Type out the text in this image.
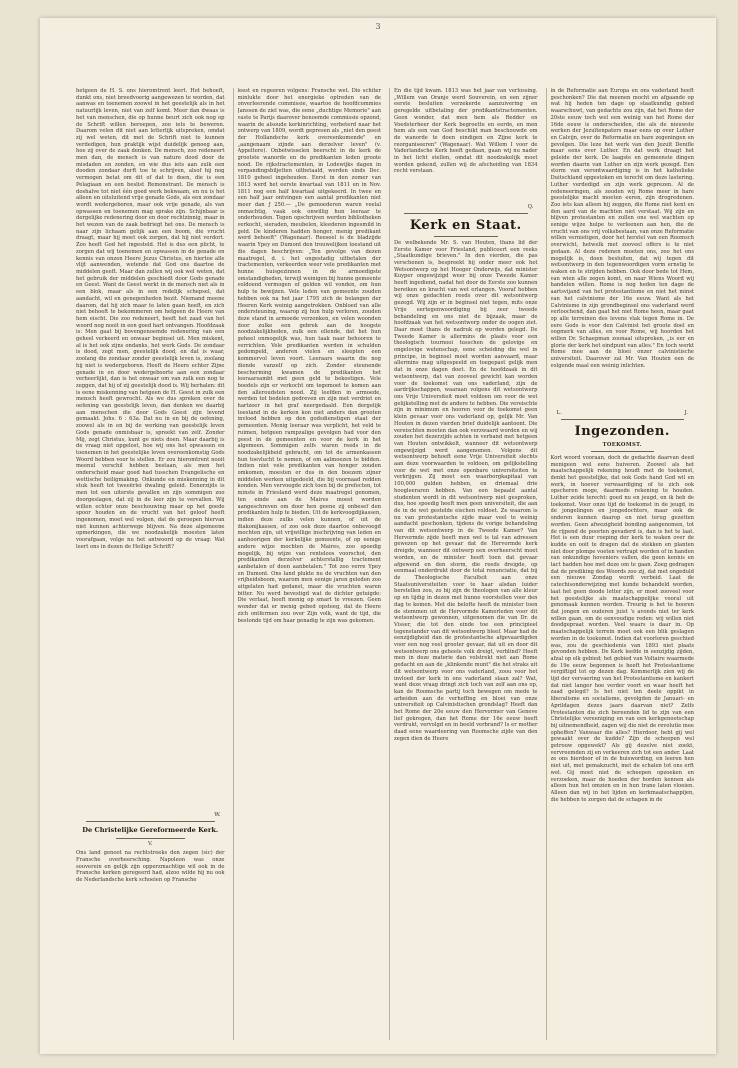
3

hetgeen de H. S. ons hieromtrent leert. Het behoeft, dunkt ons, niet breedvoerig aangewezen te worden, dat aanwas en toenemen zoowel in het geestelijk als in het natuurlijk leven, niet van zelf komt. Meer dan dwaas is het van menschen, die op hunne beurt zich ook nog op de Schrift willen beroepen, zoo iets te beweren. Daarom velen dit niet aan letterlijk uitspreken, omdat zij wel weten, dit met de Schrift niet te kunnen verdedigen, hun praktijk wijst duidelijk genoeg aan, hoe zij over de zaak denken. De mensch, zoo redeneert men dan, de mensch is van nature dood door de misdaden en zonden, en wie dus iets aan zulk een dooden zondaar durft toe te schrijven, alsof hij nog vermogen betat om dit of dat te doen, die is een Pelagiaan en een beslist Remonstrant. De mensch is doshalve tot niet één goed werk bekwaam, en nu is het alleen en uitsluitend vrije genade Gods, als een zondaar wordt wedergeboren, maar ook vrije genade, als van opwassen en toenemen mag sprake zijn. Schijnbaar is dergelijke redenering door en door rechtzinnig, maar in het wezen van de zaak bedriegt het ons. De mensch is naar zijn lichaam gelijk aan een boom, die vrucht draagt, maar hij moet ook zorgen, dat hij niet verdort. Zoo heeft God het ingesteld. Het is dus een plicht, te zorgen dat wij toenemen en opwassen in de genade en kennis van onzen Heere Jezus Christus, en hiertoe alle vlijt aanwenden, wetende dat God ons daartoe de middelen geeft. Maar dan zullen wij ook wel weten, dat het gebruik der middelen geschiedt door Gods genade en Geest. Want de Geest werkt in de mensch niet als in een blok, maar als in een redelijk schepsel, dat aandacht, wil en genegenheden bezit. Niemand meene daarom, dat hij zich maar te laten gaan heeft, en zich niet behoeft te bekommeren om hetgeen de Heere van hem eischt. Die zoo redeneert, heeft het zaad van het woord nog nooit in een goed hart ontvangen. Hoofdzaak is: Men gaat bij bovengenoemde redenering van een geheel verkeerd en onwaar beginsel uit. Men miskent, al is het ook zijns ondanks, het werk Gods. De zondaar is dood, zegt men, geestelijk dood, en dat is waar, zoolang die zondaar zonder geestelijk leven is, zoolang hij niet is wedergeboren. Heeft de Heere echter Zijne genade in en door wedergeboorte aan een zondaar verheerlijkt, dan is het onwaar om van zulk een nog te zeggen, dat hij of zij geestelijk dood is. Wij herhalen: dit is eene miskenning van hetgeen de H. Geest in zulk een mensch heeft gewrocht. Als we dus spreken over de oefening van geestelijk leven, dan denken we daarbij aan menschen die door Gods Geest zijn levend gemaakt. Johs. 6 : 63a. Dat nu in en bij de oefening, zoowel als in en bij de werking van geestelijk leven Gods genade onmisbaar is, spreekt van zelf. Zonder Mij, zegt Christus, kunt ge niets doen. Maar daarbij is de vraag niet opgelost, hoe wij ons het opwassen en toenemen in het geestelijke leven overeenkomstig Gods Woord hebben voor te stellen. Er zou hieromtrent nooit meenul verschil hebben bestaan, als men het onderscheid maar goed had tusschen Evangelische en wettische heiligmaking. Onkunde en miskenning in dit stuk heeft tot tweeërlei dwaling geleid. Eenerzijds is men tot een uiterste gevallen en zijn sommigen zoo doorgeslagen, dat zij in de leer zijn te vervallen. Wij willen echter onze beschouwing maar op het goede spoor houden en de vrucht van het geloof heeft ingenomen, moet wel volgen, dat de geroepen hiervan niet kunnen achterwege blijven. Na deze algemeene opmerkingen, die we noodzakelijk moesten laten voorafgaan, volge nu het antwoord op de vraag: Wat leert ons in dezen de Heilige Schrift?

W.
De Christelijke Gereformeerde Kerk.
V.

Ons land genoot na rechtstreeks den zegen (sic) der Fransche overheersching. Napoleon was onze souverein en gelijk zijn opperzmachtige wil ook in de Fransche kerken geregeerd had, alzoo wilde hij nu ook de Nederlandsche kerk schoeien op Fransche

leest en regeeren volgens: Fransche wet. Die schiter minlukte door het energieke optreden van de onverleerende commissie, waartoe de hoofdcommies Janssen de ziel was, die eene „duchtige Memorie" aan vaste te Parijs daarover benoemde commissie opzond, waarin de alsoude kerkinrichting, verbeterd naar het ontwerp van 1809, wordt gepresen als „niet den geest der Hollandsche kerk overeenkomende" en „aangenaam zijnde aan derzelver leven" (v. Appeltere). Onbetwisselen beerscht in de kerk de grootste wanorde en de predikanten leden groote nood. De rijkstractementen, in Lodewijks dagen in verpandingsbiljetten uitbetaald, werden sinds Dec. 1810 geheel ingehouden. Eerst in den zomer van 1813 werd het eerste kwartaal van 1811 en in Nov. 1811 nog een half kwartaal uitgekeerd. In twee en een half jaar ontvingen een aantal predikanten niet meer dan ƒ 250.— „De gemoederen waren veelal onmachtig, vaak ook onwillig hun leeraar te onderhouden. Tegen opschrijven werden bibliotheken verkocht, sieraden, meubelen, kleederen ingesmild in geld. De kinderen hadden honger, menig predikant werd behoeft" (Wagenaar). Reeseel is de bladzijde waarin Ypey en Dumont den trouwelijken toestand uit die dagen beschrijven: „Ten gevolge van dezen maatregel, d. i. het ongestadig uitbetalen der tractementen, verkeerden weer vele predikanten met hunne huisgezinnen in de armoedigste omstandigheden, terwijl weinigen bij hunne gemeente voldoend vermogen of gelden wil vonden, om hun hulp te bewijzen. Vele leden van gemeente zouden hebben ook na het jaar 1795 zich de belangen der Heeren Kerk weinig aangetrokken. Onbloed van alle ondersteuning, waarop zij hun hulp verloren, zouden deze stand in armoede verzonken, en velen woonden door zulke een gebrek aan de hoogste noodzakelijkheden, zulk een ellende, dat het hun geheel onmogelijk was, hun taak naar behooren te verrichten. Vele predikanten werden in schulden gedompeld, anderen vielen en sleepten een kommervol leven voort. Leeraars waarin die nog diende vanzelf op zich. Zonder steunende bescherming kwamen de predikanten het leeraarsambt met geen geld te bekostigen. Vele boedels zijn er verkocht om tegemoet te komen aan den alleroudsten nood. Zij leefden in armoede, werden tot bedelen gedreven en zijn met verdriet en hartzeer in het graf neergedaald. Een dergelijk toestand in de kerken kon niet anders dan grooten invloed hebben op den godsdienstigen staat der gemeenten. Menig leeraar was verplicht, het veld te ruimen, hetgeen rampzalige gevolgen had voor den geest in de gemeenten en voor de kerk in het algemeen. Sommigen zelfs waren reeds in de noodzakelijkheid gebracht, om tot de armenkassen hun toevlucht te nemen, of om aalmoezen te bidden. Indien niet vele predikanten van honger zouden omkomen, moesten er dus in den boezem zijner middelen werken uitgedeeld, die bij voornaad redden konden. Men vervoegde zich toen bij de prefecten, tot minste in Friesland werd deze maatregel genomen, ten einde aan de Maires moest worden aangeschreven om door hen geene zij onbesef den predikanten hulp te bieden. Uit de kerkvoogdijkassen, indien deze zulks velen kunnen, of uit de diakonijkassen, of zoo ook deze daartoe onbevoegd mochten zijn, uit vrijwillige inschrijving van leden en aanhoorigen der kerkelijke gemeente, of op eenige andere wijze mochten de Maires, zoo spoedig mogelijk, bij wijze van renteloos voorschot, den predikanten derzelver achterstallig tractement aanbetalen of doen aanbetalen." Tot zoo verre Ypey en Dumont. Ons land plukte nu de vruchten van den vrijheidsboom, waarom men eenige jaren geleden zoo uitgelaten had gedanst, maar die vruchten waren bitter. Nu werd bevestigd wat de dichter getuigde: Die verlaat, heeft menig op smart te vreezen. Geen wonder dat er menig gebed opsteeg, dat de Heere zich ontfermen zou over Zijn volk, want de tijd, die bestonde tijd om haar genadig te zijn was gekomen.

En die tijd kwam. 1813 was het jaar van verlossing. „Willem van Oranje werd Souverein, en een zijner eerste besluiten verzekerde aanzuivering en geregelde uitbetaling der predikantstractementen. Geen wonder, dat men hem als Redder en Voedsterheer der Kerk begroette en eerde, en men hem als een van God beschikt man beschouwde om de wanorde te doen eindigen en Zijne kerk te reorganiseeren" (Wagenaar). Wat Willem I voor de Vaderlandsche Kerk heeft gedaan, gaan wij nu nader in het licht stellen, omdat dit noodzakelijk moet worden gekend, zullen wij de afscheiding van 1834 recht verstaan.

Q.
Kerk en Staat.

De welbekende Mr. S. van Houten, thans lid der Eerste Kamer voor Friesland, publiceert een reeks „Staatkundige brieven." In den vierden, die pas verschenen is, bespreekt hij onder meer ook het Wetsontwerp op het Hooger Onderwijs, dat minister Kuyper ongewijzigd weer bij onze Tweede Kamer heeft ingediend, nadat het door de Eerste zoo kunnen bereiken en kracht van wet erlangen. Vooraf hebben wij onze gedachten reeds over dit wetsontwerp gezegd. Wij zijn er in beginsel niet tegen, mits onze Vrije eertegenwoordiging bij zeer tweede behandeling en ons niet de bijzaak, maar de hoofdzaak van het wetsontwerp onder de oogen ziet. Daar moet thans de nadruk op worden gelegd. De Tweede Kamer is allermins de plaats voor een theologisch tournooi tusschen de gelovige en ongelovige wetenschap, eene scheiding die wel in principe, in beginsel moet worden aanvaard, maar allermins mag uitgespeeld en toegepast gelijk men dat in onze dagen doet. En de hoofdzaak in dit wetsontwerp, dat van zooveel gewicht kan worden voor de toekomst van ons vaderland, zijn de aardrijkschappen, waaraan volgens dit wetsontwerp ons Vrije Universiteit moet voldoen om voor de wet gelijkstelling met de andere te hebben. Die vereischte zijn in minimum en hooren voor de toekomst geen klein gevaar voor ons vaderland op, gelijk Mr. Van Houten in dezen vierden brief duidelijk aantoont. Die vereischten moeten dan ook verzwaard worden en wij zouden het dezerzijds achten in verband met hetgeen van Houten ontwikkelt, wanneer dit wetsontwerp ongewijzigd werd aangenomen. Volgens dit wetsontwerp behoeft eene Vrije Universiteit slechts aan deze voorwaarden te voldoen, om gelijkstelling voor de wet met onze openbare universiteiten te verkrijgen. Zij moet een waarborgkapitaal van 100,000 gulden hebben, en driemaal drie hoogleeraren hebben. Van een bepaald aantal studenten wordt in dit wetsontwerp niet gesproken, dus, hoe spoedig heeft men geen universiteit, die aan de in de wet gestelde eischen voldoet. Ze waarom is nu van protestantsche zijde maar veel te weinig aandacht geschonken, tijdens de vorige behandeling van dit wetsontwerp in de Tweede Kamer? Van Hervormde zijde heeft men wel is tal van adressen gewezen op het gevaar dat de Hervormde kerk dreigde, wanneer dit ontwerp een overheerscht moet worden, en de minister heeft toen dat gevaar afgewend en den storm, die reeds dreigde, op eenmaal onderdrukt door de total renunciatie, dat bij de Theologische Faculteit aan onze Staatsuniversiteiten voor te haar alsdan luider herstellen zou, zo bij zijn de theologen van alle kleur op en tijdig in dezen met hunne voorstellen voor den dag te komen. Met die belofte heeft de minister toen de stemmen uit de Hervormde Kamerleden voor dit wetsontwerp gewonnen, uitgenomen die van Dr. de Visser, die tot den einde toe een principieel tegenstander van dit wetsontwerp bleef. Maar had de eenzijdigheid dan de protestantsche afgevaardigden voor een nog veel grooter gevaar, dat uit en door dit wetsontwerp ons geheele volk dreigt, verblind? Heeft men in deze materie dan volstrekt niet aan Rome gedacht en aan de „klinkende munt" die het straks uit dit wetsontwerp voor ons vaderland, zoou voor het invloed der kerk in ons vaderland slaan zal? Wat, want deze vraag dringt zich toch van zelf aan ons op, kan de Roomsche partij toch bewegen om mede te arbeiden aan de verheffing en bloei van onze universiteit op Calvinistischen grondslag? Heeft dan het Rome der 20e eeuw den Hervormer van Geneve lief gekregen, dan het Rome der 16e eeuw heeft verdrukt, vervolgd en in beeld verbrand? Is er mother daad eene waardeering van Roomsche zijde van den zegen dien de Heere

in de Reformatie aan Europa en ons vaderland heeft geschonken? Die dat meenen mocht en afgaande op wat hij heden ten dage op staatkundig gebied waarschuwt, van gedachte zou zijn, dat het Rome der 20ste eeuw toch wel een weinig van het Rome der 16de eeuw is onderscheiden, die als de nieuwste werken der Jezuïtenpaters maar eens op over Luther en Calvijn, over de Reformatie en hare zegeningen en gevolgen. Die leze het werk van den Jezuït Denifle maar eens over Luther. En dat werk draagt het geleide der kerk. De laagste en gemeenste dingen worden daarin van Luther en zijn werk gezegd. Een storm van verontwaardiging is in het katholieke Duitschland opgestoken en terecht om deze lastering. Luther verdedigd en zijn werk geprezen. Al de redeneeringen, als zouden wij Rome meer in hare geestelijke macht moeten eeren, zijn drogredenen. Zoo iets kan alleen hij zeggen, die Rome niet kent en den aard van de machten niet verstaat. Wij zijn en blijven protestanten en zullen ons wel wachten op eenige wijze hulpe te verleenen aan hen, die de vrucht van ons vrij volksbestaan, van onze Reformatie willen vernietigen, door het herstel van een Roomsch overwicht, hetwelk met zooveel offers is te niet gedaan. Al deze redenen moeten ons, zoo het ons mogelijk is, doen besluiten, dat wij tegen dit wetsontwerp in den tegenwoordigen vorm ernstig te waken en te strijden hebben. Ook door bede tot Hem, van wien alle zegen komt, en naar Wiens Woord wij handelen willen. Rome is nog heden ten dage de aartsvijand van het protestantisme en niet het minst van het calvinisme der 16e eeuw. Want als het Calvinisme in zijn grondbeginsel ons vaderland werd verloochend, dan gaat het niet Rome heen, maar gaat op alle terreinen des levens vlak tegen Rome in. De eere Gods is voor den Calvinist het groote doel en oogmerk van alles, en voor Rome, wij hoorden het willen Dr. Schaepman zoonaal uitspreken, „is eer en glorie der kerk het eindpunt van alles." En toch werkt Rome mee aan de bloei onzer calvinistische universiteit. Daarover zal Mr. Van Houten een de volgende maal een weinig inlichten.

L.	J.
Ingezonden.
TOEKOMST.

Kort woord vooraan, doch de gedachte daarvan deed menigeen wel eens huiveren. Zoowel als het maatschappelijk rekening houdt met de toekomst, denkt het geestelijke, dat ook Gods hand God wil en werk, in hoever verwaardiging of te zich ook opscheren moge, daarmede rekening te houden. Luther zeide terecht: goed nu en jeugd, en ik heb de toekomst. Voor onze tijd de toekomst in de jeugd, in de jongelingen en jongedochters, maar ook de onderen kunnen daarop en niet terug gezetten worden. Geen afwezigheid bonding aangenomen, tot de rijpend de poorten gevaderd is, dan is het te laat. Het is een duur roeping der kerk te waken over de kudde en ooit te dragen dat de stekken en planten niet door plompe voeten vertrapt worden of in handen van onkundige hoveniers vallen, die geen kennis en tact hadden hoe met deze om te gaan. Zoeg gedragen dat de prediking des Woords zoo zij, dat met ongeduld een nieuwe Zondag wordt verbeid. Laat de catechisonderwijzing met kunde behandeld worden, laat het geen doode letter zijn, er moet zooveel voor het geestelijke als maatschappelijke vooral uit genomaak kunnen worden. Treurig is het te hooren dat jongen en ouderen juist 's avonds niet ter kerk willen gaan, om de eenvoudige reden: wij willen niet doodgepraat worden. Veel waars is daar in. Op maatschappelijk terrein moet ook een blik geslagen worden in de toekomst. Indien dat voorloren geschied was, zou de geschiedenis van 1893 niet plaats gevonden hebben. De Kerk leefde in eenzijdig zijden, afzal op elk gebied; het gebied van Voltaire waarmede de 19e eeuw begonnen is heeft het Protestantisme vergiftigd tot op dezen dag. Kommerlijk zien wij de tijd der vervaering van het Protestantisme en kankert dat niet langer hoe verder voort en waar heeft het zaad gelegd? Is het niet ten deele oppikt in liberalisme en socialisme, gevolgden de Januari- en Aprildagen dezes jaars daarvan niet? Zelfs Protestanten die zich bereenden lid te zijn van een Christelijke vereeniging en van een kerkgenootschap bij uitnemendheid, zagen wij die niet de revolutie mee opheffen? Vanwaar die alles? Hierdoor, hebt gij wel gewaakt over de kudde? Zijn de scheepen wel getrouw opgewekt? Als gij dezelve niet zoekt, vervreemden zij en verkeeren zich tot een ander. Laat ze ons hierdoor of in de huiswording, en leeren hen niet uit, met gemakzucht, met de schalen tot ons erft wel. Gij moet niet de scheepen opzoeken en verzoeken, maar de hoeden der horden kennen als alleen hun het omzien en in hun trane laten vloeien. Alleen dan wij in het lijden en kerkmaatschappijen, die hebben te zorgen dat de schapen in de
